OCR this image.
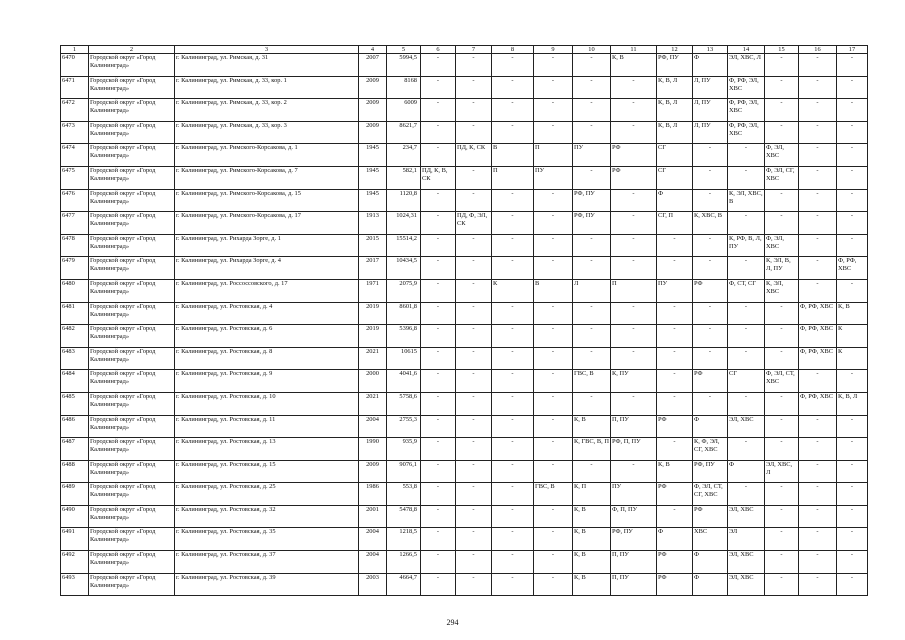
1	2	3	4	5	6	7	8	9	10	11	12	13	14	15	16	17
6470	Городской округ «Город Калининград»	г. Калининград, ул. Римская, д. 31	2007	5994,5	-	-	-	-	-	К, В	РФ, ПУ	Ф	ЭЛ, ХВС, Л	-	-	-
6471	Городской округ «Город Калининград»	г. Калининград, ул. Римская, д. 33, кор. 1	2009	8168	-	-	-	-	-	-	К, В, Л	Л, ПУ	Ф, РФ, ЭЛ, ХВС	-	-	-
6472	Городской округ «Город Калининград»	г. Калининград, ул. Римская, д. 33, кор. 2	2009	6009	-	-	-	-	-	-	К, В, Л	Л, ПУ	Ф, РФ, ЭЛ, ХВС	-	-	-
6473	Городской округ «Город Калининград»	г. Калининград, ул. Римская, д. 33, кор. 3	2009	8621,7	-	-	-	-	-	-	К, В, Л	Л, ПУ	Ф, РФ, ЭЛ, ХВС	-	-	-
6474	Городской округ «Город Калининград»	г. Калининград, ул. Римского-Корсакова, д. 1	1945	234,7	-	ПД, К, СК	В	П	ПУ	РФ	СГ	-	-	Ф, ЭЛ, ХВС	-	-
6475	Городской округ «Город Калининград»	г. Калининград, ул. Римского-Корсакова, д. 7	1945	582,1	ПД, К, В, СК	-	П	ПУ	-	РФ	СГ	-	-	Ф, ЭЛ, СГ, ХВС	-	-
6476	Городской округ «Город Калининград»	г. Калининград, ул. Римского-Корсакова, д. 15	1945	1120,8	-	-	-	-	РФ, ПУ	-	Ф	-	К, ЭЛ, ХВС, В	-	-	-
6477	Городской округ «Город Калининград»	г. Калининград, ул. Римского-Корсакова, д. 17	1913	1024,31	-	ПД, Ф, ЭЛ, СК	-	-	РФ, ПУ	-	СГ, П	К, ХВС, В	-	-	-	-
6478	Городской округ «Город Калининград»	г. Калининград, ул. Рихарда Зорге, д. 1	2015	15514,2	-	-	-	-	-	-	-	-	К, РФ, В, Л, ПУ	Ф, ЭЛ, ХВС	-	-
6479	Городской округ «Город Калининград»	г. Калининград, ул. Рихарда Зорге, д. 4	2017	10434,5	-	-	-	-	-	-	-	-	-	К, ЭЛ, В, Л, ПУ	-	Ф, РФ, ХВС
6480	Городской округ «Город Калининград»	г. Калининград, ул. Россоссовского, д. 17	1971	2075,9	-	-	К	В	Л	П	ПУ	РФ	Ф, СТ, СГ	К, ЭЛ, ХВС	-	-
6481	Городской округ «Город Калининград»	г. Калининград, ул. Ростовская, д. 4	2019	8601,8	-	-	-	-	-	-	-	-	-	-	Ф, РФ, ХВС	К, В
6482	Городской округ «Город Калининград»	г. Калининград, ул. Ростовская, д. 6	2019	5396,8	-	-	-	-	-	-	-	-	-	-	Ф, РФ, ХВС	К
6483	Городской округ «Город Калининград»	г. Калининград, ул. Ростовская, д. 8	2021	10615	-	-	-	-	-	-	-	-	-	-	Ф, РФ, ХВС	К
6484	Городской округ «Город Калининград»	г. Калининград, ул. Ростовская, д. 9	2000	4041,6	-	-	-	-	ГВС, В	К, ПУ	-	РФ	СГ	Ф, ЭЛ, СТ, ХВС	-	-
6485	Городской округ «Город Калининград»	г. Калининград, ул. Ростовская, д. 10	2021	5758,6	-	-	-	-	-	-	-	-	-	-	Ф, РФ, ХВС	К, В, Л
6486	Городской округ «Город Калининград»	г. Калининград, ул. Ростовская, д. 11	2004	2755,3	-	-	-	-	К, В	П, ПУ	РФ	Ф	ЭЛ, ХВС	-	-	-
6487	Городской округ «Город Калининград»	г. Калининград, ул. Ростовская, д. 13	1990	935,9	-	-	-	-	К, ГВС, В, П	РФ, П, ПУ	-	К, Ф, ЭЛ, СГ, ХВС	-	-	-	-
6488	Городской округ «Город Калининград»	г. Калининград, ул. Ростовская, д. 15	2009	9076,1	-	-	-	-	-	-	К, В	РФ, ПУ	Ф	ЭЛ, ХВС, Л	-	-
6489	Городской округ «Город Калининград»	г. Калининград, ул. Ростовская, д. 25	1986	553,8	-	-	-	ГВС, В	К, П	ПУ	РФ	Ф, ЭЛ, СТ, СГ, ХВС	-	-	-	-
6490	Городской округ «Город Калининград»	г. Калининград, ул. Ростовская, д. 32	2001	5478,8	-	-	-	-	К, В	Ф, П, ПУ	-	РФ	ЭЛ, ХВС	-	-	-
6491	Городской округ «Город Калининград»	г. Калининград, ул. Ростовская, д. 35	2004	1218,5	-	-	-	-	К, В	РФ, ПУ	Ф	ХВС	ЭЛ	-	-	-
6492	Городской округ «Город Калининград»	г. Калининград, ул. Ростовская, д. 37	2004	1266,5	-	-	-	-	К, В	П, ПУ	РФ	Ф	ЭЛ, ХВС	-	-	-
6493	Городской округ «Город Калининград»	г. Калининград, ул. Ростовская, д. 39	2003	4664,7	-	-	-	-	К, В	П, ПУ	РФ	Ф	ЭЛ, ХВС	-	-	-
294
